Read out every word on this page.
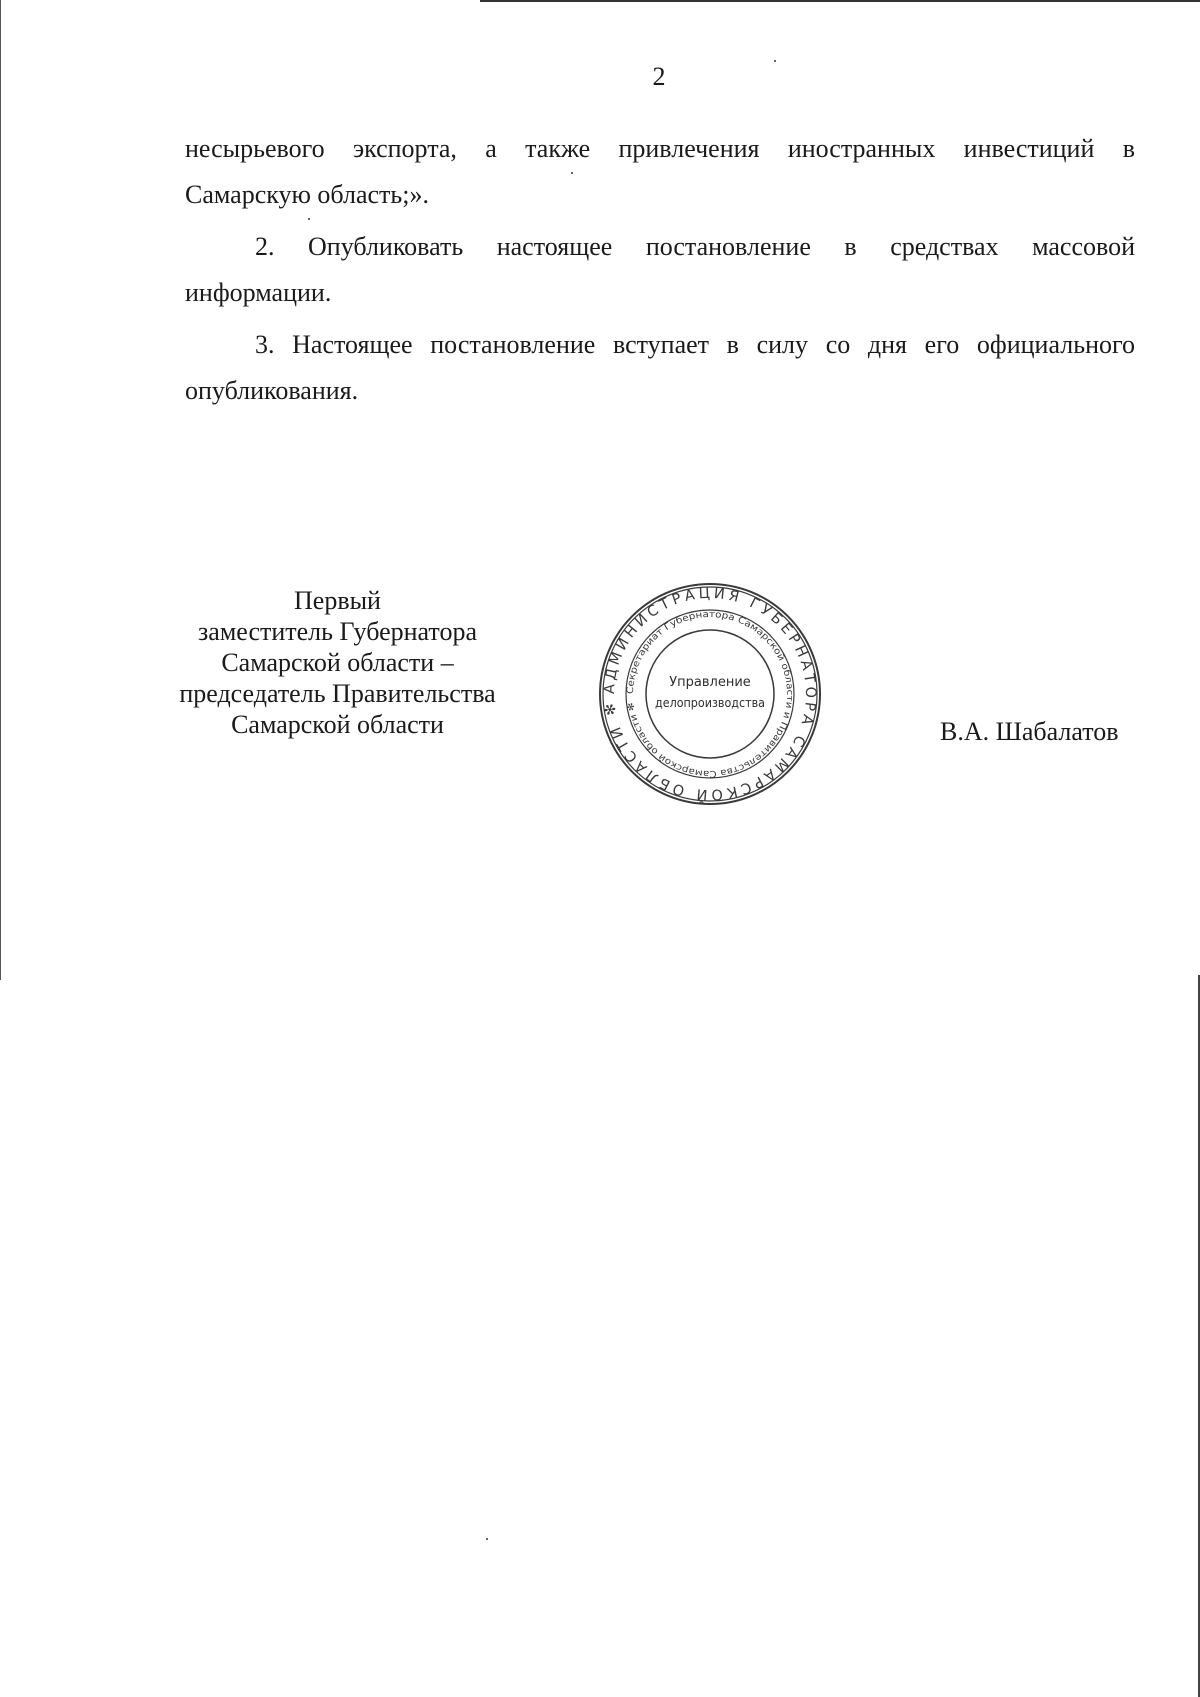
2

несырьевого экспорта, а также привлечения иностранных инвестиций в

Самарскую область;».

2. Опубликовать настоящее постановление в средствах массовой

информации.

3. Настоящее постановление вступает в силу со дня его официального

опубликования.

Первый
заместитель Губернатора
Самарской области –
председатель Правительства
Самарской области
АДМИНИСТРАЦИЯ ГУБЕРНАТОРА САМАРСКОЙ ОБЛАСТИ ✻
Секретариат Губернатора Самарской области и Правительства Самарской области ✻
Управление
делопроизводства
В.А. Шабалатов
